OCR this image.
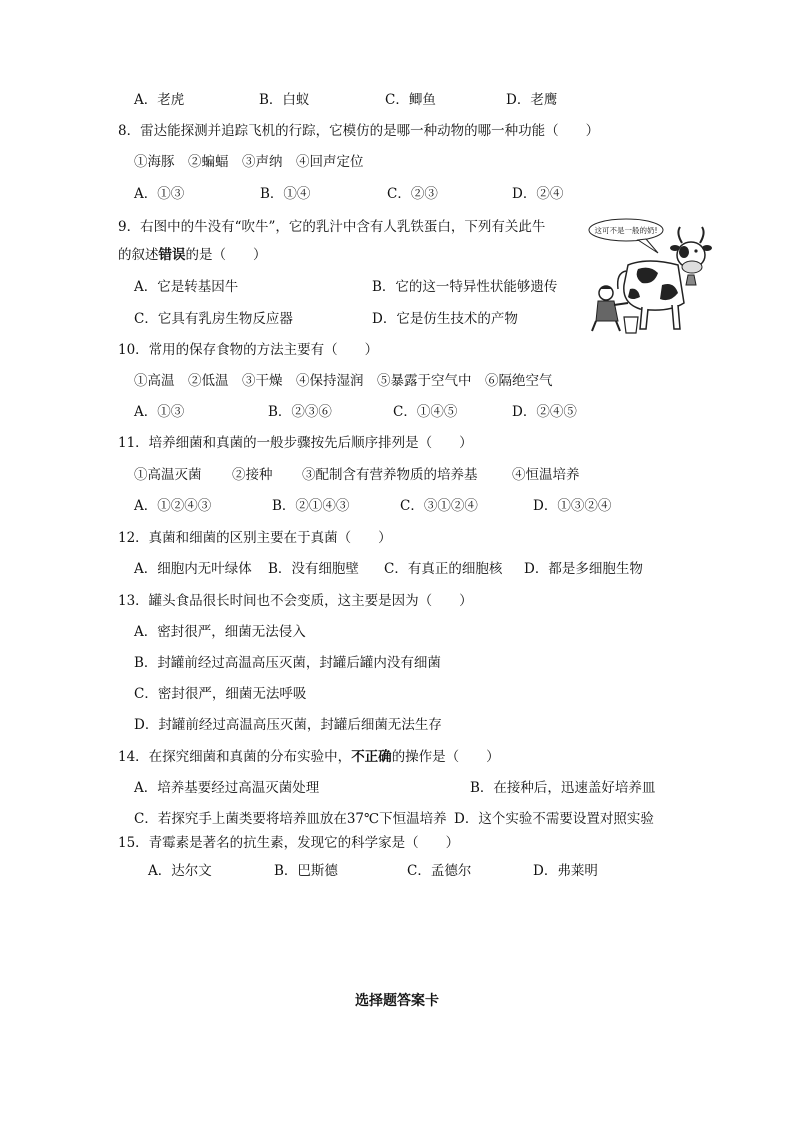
A．老虎	B．白蚁	C．鲫鱼	D．老鹰
8．雷达能探测并追踪飞机的行踪，它模仿的是哪一种动物的哪一种功能（　　）
①海豚　②蝙蝠　③声纳　④回声定位
A．①③	B．①④	C．②③	D．②④
9．右图中的牛没有“吹牛”，它的乳汁中含有人乳铁蛋白，下列有关此牛
的叙述错误的是（　　）
A．它是转基因牛	B．它的这一特异性状能够遗传
C．它具有乳房生物反应器	D．它是仿生技术的产物
这可不是一般的奶!
10．常用的保存食物的方法主要有（　　）
①高温　②低温　③干燥　④保持湿润　⑤暴露于空气中　⑥隔绝空气
A．①③	B．②③⑥	C．①④⑤	D．②④⑤
11．培养细菌和真菌的一般步骤按先后顺序排列是（　　）
①高温灭菌 ②接种 ③配制含有营养物质的培养基	④恒温培养
A．①②④③	B．②①④③	C．③①②④	D．①③②④
12．真菌和细菌的区别主要在于真菌（　　）
A．细胞内无叶绿体 B．没有细胞壁 C．有真正的细胞核 D．都是多细胞生物
13．罐头食品很长时间也不会变质，这主要是因为（　　）
A．密封很严，细菌无法侵入
B．封罐前经过高温高压灭菌，封罐后罐内没有细菌
C．密封很严，细菌无法呼吸
D．封罐前经过高温高压灭菌，封罐后细菌无法生存
14．在探究细菌和真菌的分布实验中，不正确的操作是（　　）
A．培养基要经过高温灭菌处理	B．在接种后，迅速盖好培养皿
C．若探究手上菌类要将培养皿放在37℃下恒温培养 D．这个实验不需要设置对照实验
15．青霉素是著名的抗生素，发现它的科学家是（　　）
A．达尔文	B．巴斯德	C．孟德尔	D．弗莱明
选择题答案卡
